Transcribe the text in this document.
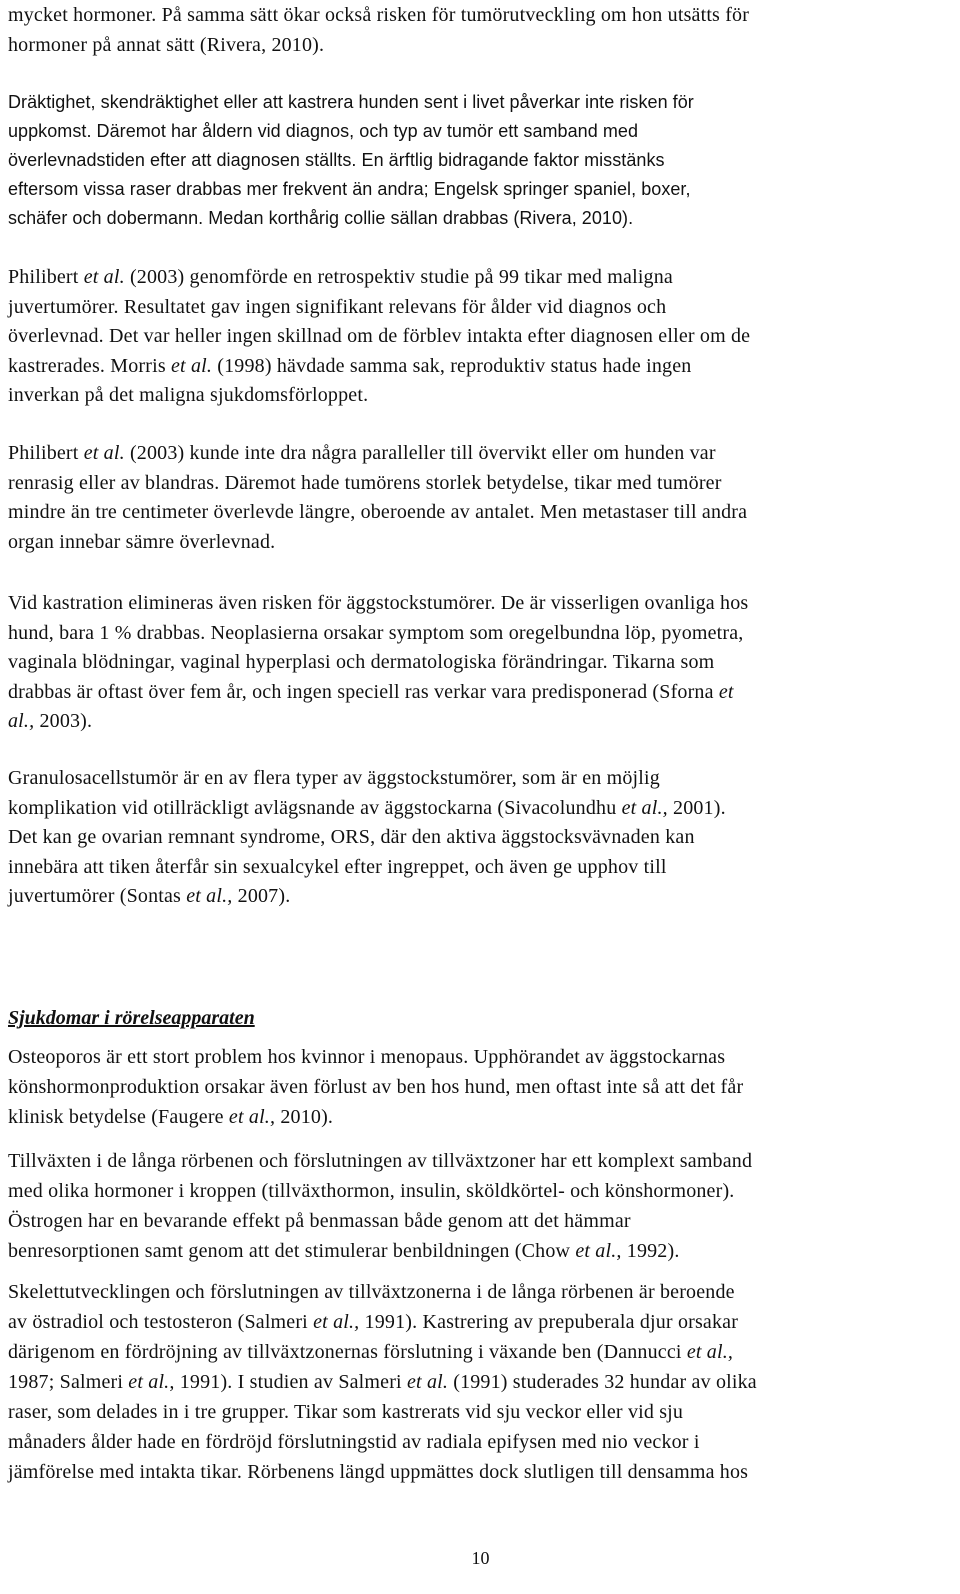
mycket hormoner. På samma sätt ökar också risken för tumörutveckling om hon utsätts för
hormoner på annat sätt (Rivera, 2010).
Dräktighet, skendräktighet eller att kastrera hunden sent i livet påverkar inte risken för
uppkomst. Däremot har åldern vid diagnos, och typ av tumör ett samband med
överlevnadstiden efter att diagnosen ställts. En ärftlig bidragande faktor misstänks
eftersom vissa raser drabbas mer frekvent än andra; Engelsk springer spaniel, boxer,
schäfer och dobermann. Medan korthårig collie sällan drabbas (Rivera, 2010).
Philibert et al. (2003) genomförde en retrospektiv studie på 99 tikar med maligna
juvertumörer. Resultatet gav ingen signifikant relevans för ålder vid diagnos och
överlevnad. Det var heller ingen skillnad om de förblev intakta efter diagnosen eller om de
kastrerades. Morris et al. (1998) hävdade samma sak, reproduktiv status hade ingen
inverkan på det maligna sjukdomsförloppet.
Philibert et al. (2003) kunde inte dra några paralleller till övervikt eller om hunden var
renrasig eller av blandras. Däremot hade tumörens storlek betydelse, tikar med tumörer
mindre än tre centimeter överlevde längre, oberoende av antalet. Men metastaser till andra
organ innebar sämre överlevnad.
Vid kastration elimineras även risken för äggstockstumörer. De är visserligen ovanliga hos
hund, bara 1 % drabbas. Neoplasierna orsakar symptom som oregelbundna löp, pyometra,
vaginala blödningar, vaginal hyperplasi och dermatologiska förändringar. Tikarna som
drabbas är oftast över fem år, och ingen speciell ras verkar vara predisponerad (Sforna et
al., 2003).
Granulosacellstumör är en av flera typer av äggstockstumörer, som är en möjlig
komplikation vid otillräckligt avlägsnande av äggstockarna (Sivacolundhu et al., 2001).
Det kan ge ovarian remnant syndrome, ORS, där den aktiva äggstocksvävnaden kan
innebära att tiken återfår sin sexualcykel efter ingreppet, och även ge upphov till
juvertumörer (Sontas et al., 2007).
Osteoporos är ett stort problem hos kvinnor i menopaus. Upphörandet av äggstockarnas
könshormonproduktion orsakar även förlust av ben hos hund, men oftast inte så att det får
klinisk betydelse (Faugere et al., 2010).
Tillväxten i de långa rörbenen och förslutningen av tillväxtzoner har ett komplext samband
med olika hormoner i kroppen (tillväxthormon, insulin, sköldkörtel- och könshormoner).
Östrogen har en bevarande effekt på benmassan både genom att det hämmar
benresorptionen samt genom att det stimulerar benbildningen (Chow et al., 1992).
Skelettutvecklingen och förslutningen av tillväxtzonerna i de långa rörbenen är beroende
av östradiol och testosteron (Salmeri et al., 1991). Kastrering av prepuberala djur orsakar
därigenom en fördröjning av tillväxtzonernas förslutning i växande ben (Dannucci et al.,
1987; Salmeri et al., 1991). I studien av Salmeri et al. (1991) studerades 32 hundar av olika
raser, som delades in i tre grupper. Tikar som kastrerats vid sju veckor eller vid sju
månaders ålder hade en fördröjd förslutningstid av radiala epifysen med nio veckor i
jämförelse med intakta tikar. Rörbenens längd uppmättes dock slutligen till densamma hos
Sjukdomar i rörelseapparaten
10
